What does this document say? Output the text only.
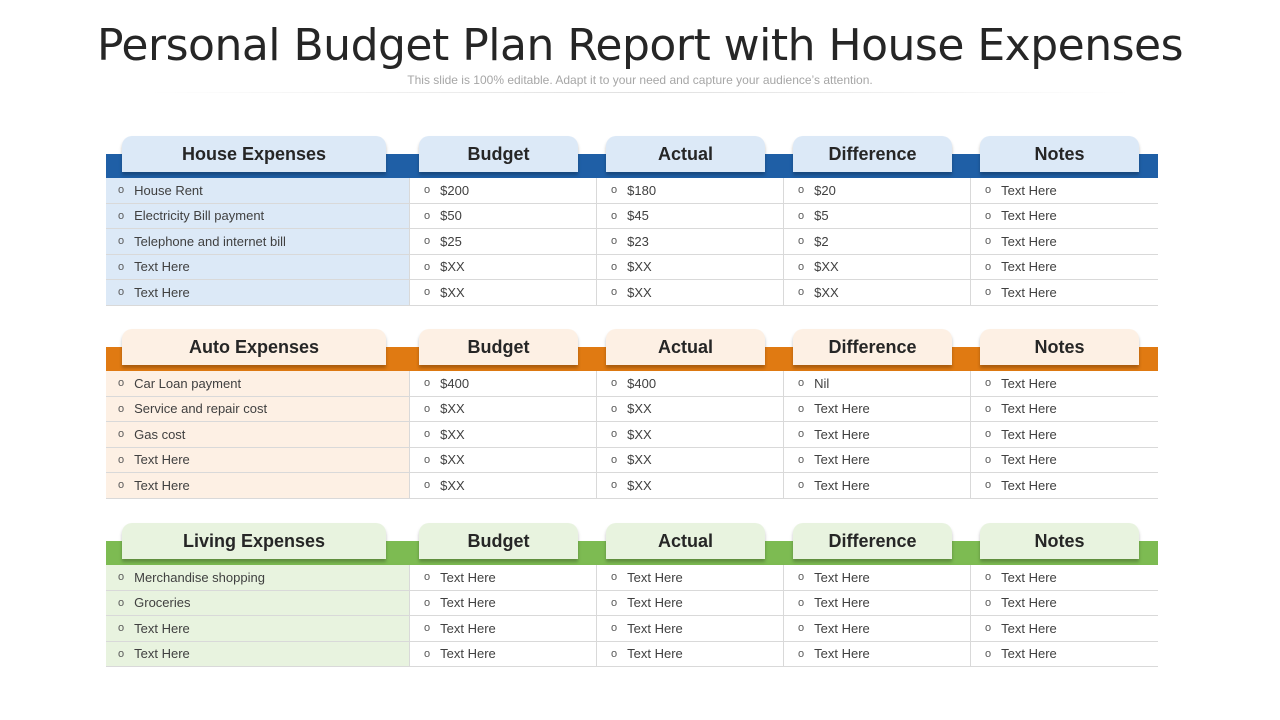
Personal Budget Plan Report with House Expenses
This slide is 100% editable. Adapt it to your need and capture your audience’s attention.
House Expenses	Budget	Actual	Difference	Notes
o House Rent	o $200	o $180	o $20	o Text Here
o Electricity Bill payment	o $50	o $45	o $5	o Text Here
o Telephone and internet bill	o $25	o $23	o $2	o Text Here
o Text Here	o $XX	o $XX	o $XX	o Text Here
o Text Here	o $XX	o $XX	o $XX	o Text Here
Auto Expenses	Budget	Actual	Difference	Notes
o Car Loan payment	o $400	o $400	o Nil	o Text Here
o Service and repair cost	o $XX	o $XX	o Text Here	o Text Here
o Gas cost	o $XX	o $XX	o Text Here	o Text Here
o Text Here	o $XX	o $XX	o Text Here	o Text Here
o Text Here	o $XX	o $XX	o Text Here	o Text Here
Living Expenses	Budget	Actual	Difference	Notes
o Merchandise shopping	o Text Here	o Text Here	o Text Here	o Text Here
o Groceries	o Text Here	o Text Here	o Text Here	o Text Here
o Text Here	o Text Here	o Text Here	o Text Here	o Text Here
o Text Here	o Text Here	o Text Here	o Text Here	o Text Here
